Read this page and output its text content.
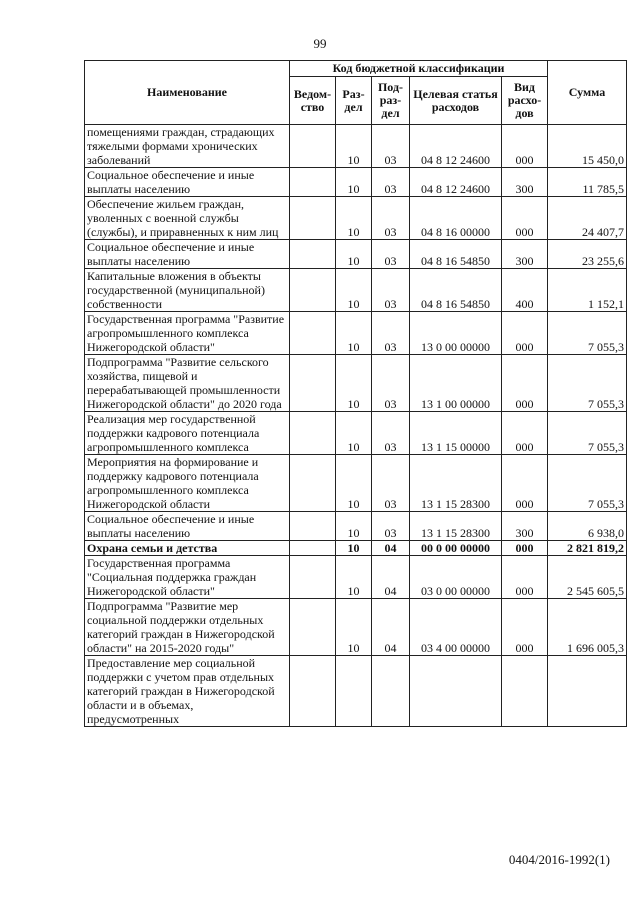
99
Наименование	Код бюджетной классификации					Сумма
	Ведом-ство	Раз-дел	Под-раз-дел	Целевая статья расходов	Вид расхо-дов	
помещениями граждан, страдающих тяжелыми формами хронических заболеваний		10	03	04 8 12 24600	000	15 450,0
Социальное обеспечение и иные выплаты населению		10	03	04 8 12 24600	300	11 785,5
Обеспечение жильем граждан, уволенных с военной службы (службы), и приравненных к ним лиц		10	03	04 8 16 00000	000	24 407,7
Социальное обеспечение и иные выплаты населению		10	03	04 8 16 54850	300	23 255,6
Капитальные вложения в объекты государственной (муниципальной) собственности		10	03	04 8 16 54850	400	1 152,1
Государственная программа "Развитие агропромышленного комплекса Нижегородской области"		10	03	13 0 00 00000	000	7 055,3
Подпрограмма "Развитие сельского хозяйства, пищевой и перерабатывающей промышленности Нижегородской области" до 2020 года		10	03	13 1 00 00000	000	7 055,3
Реализация мер государственной поддержки кадрового потенциала агропромышленного комплекса		10	03	13 1 15 00000	000	7 055,3
Мероприятия на формирование и поддержку кадрового потенциала агропромышленного комплекса Нижегородской области		10	03	13 1 15 28300	000	7 055,3
Социальное обеспечение и иные выплаты населению		10	03	13 1 15 28300	300	6 938,0
Охрана семьи и детства		10	04	00 0 00 00000	000	2 821 819,2
Государственная программа "Социальная поддержка граждан Нижегородской области"		10	04	03 0 00 00000	000	2 545 605,5
Подпрограмма "Развитие мер социальной поддержки отдельных категорий граждан в Нижегородской области" на 2015-2020 годы"		10	04	03 4 00 00000	000	1 696 005,3
Предоставление мер социальной поддержки с учетом прав отдельных категорий граждан в Нижегородской области и в объемах, предусмотренных						
0404/2016-1992(1)
